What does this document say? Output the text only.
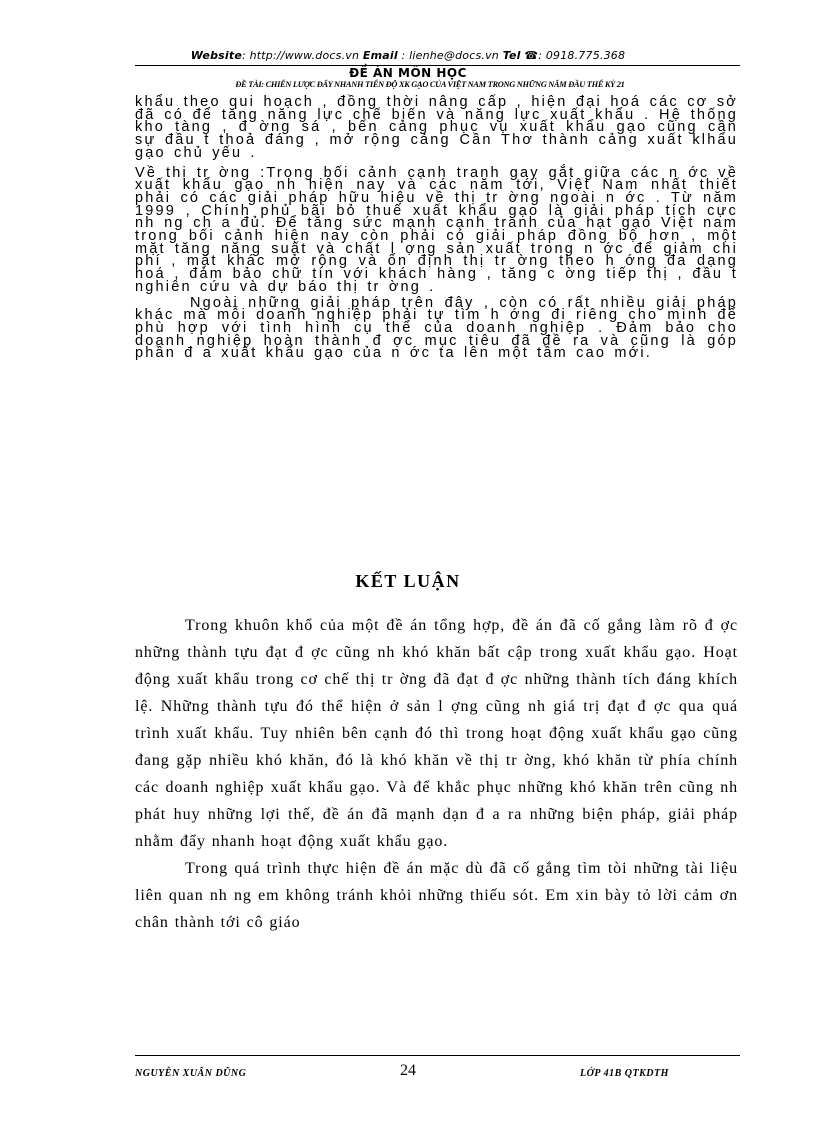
Website: http://www.docs.vn Email : lienhe@docs.vn Tel ☎: 0918.775.368
ĐỀ ÁN MÔN HỌC
ĐỀ TÀI: CHIẾN LƯỢC ĐẨY NHANH TIẾN ĐỘ XK GẠO CỦA VIỆT NAM TRONG NHỮNG NĂM ĐẦU THẾ KỶ 21

khẩu theo qui hoạch , đồng thời nâng cấp , hiện đại hoá các cơ sở đã có để tăng năng lực chế biến và năng lực xuất khẩu . Hệ thống kho tàng , đ ờng sá , bến cảng phục vụ xuất khẩu gạo cũng cần sự đầu t thoả đáng , mở rộng cảng Cần Thơ thành cảng xuất klhẩu gạo chủ yếu .

Về thị tr ờng :Trong bối cảnh cạnh tranh gay gắt giữa các n ớc về xuất khẩu gạo nh hiện nay và các năm tới, Việt Nam nhất thiết phải có các giải pháp hữu hiệu về thị tr ờng ngoài n ớc . Từ năm 1999 , Chính phủ bãi bỏ thuế xuất khẩu gạo là giải pháp tích cực nh ng ch a đủ. Để tăng sức mạnh cạnh tranh của hạt gạo Việt nam trong bối cảnh hiện nay còn phải có giải pháp đồng bộ hơn , một mặt tăng năng suất và chất l ợng sản xuất trong n ớc để giảm chi phí , mặt khác mở rộng và ổn định thị tr ờng theo h ớng đa dạng hoá , đảm bảo chữ tín với khách hàng , tăng c ờng tiếp thị , đầu t nghiên cứu và dự báo thị tr ờng .

Ngoài những giải pháp trên đây , còn có rất nhiều giải pháp khác mà mỗi doanh nghiệp phải tự tìm h ớng đi riêng cho mình để phù hợp với tình hình cụ thể của doanh nghiệp . Đảm bảo cho doanh nghiệp hoàn thành đ ợc mục tiêu đã đề ra và cũng là góp phần đ a xuất khẩu gạo của n ớc ta lên một tầm cao mới.

KẾT LUẬN

Trong khuôn khổ của một đề án tổng hợp, đề án đã cố gắng làm rõ đ ợc những thành tựu đạt đ ợc cũng nh khó khăn bất cập trong xuất khẩu gạo. Hoạt động xuất khẩu trong cơ chế thị tr ờng đã đạt đ ợc những thành tích đáng khích lệ. Những thành tựu đó thể hiện ở sản l ợng cũng nh giá trị đạt đ ợc qua quá trình xuất khẩu. Tuy nhiên bên cạnh đó thì trong hoạt động xuất khẩu gạo cũng đang gặp nhiều khó khăn, đó là khó khăn về thị tr ờng, khó khăn từ phía chính các doanh nghiệp xuất khẩu gạo. Và để khắc phục những khó khăn trên cũng nh phát huy những lợi thế, đề án đã mạnh dạn đ a ra những biện pháp, giải pháp nhằm đẩy nhanh hoạt động xuất khẩu gạo.

Trong quá trình thực hiện đề án mặc dù đã cố gắng tìm tòi những tài liệu liên quan nh ng em không tránh khỏi những thiếu sót. Em xin bày tỏ lời cảm ơn chân thành tới cô giáo

NGUYỄN XUÂN DŨNG	24	LỚP 41B QTKDTH
